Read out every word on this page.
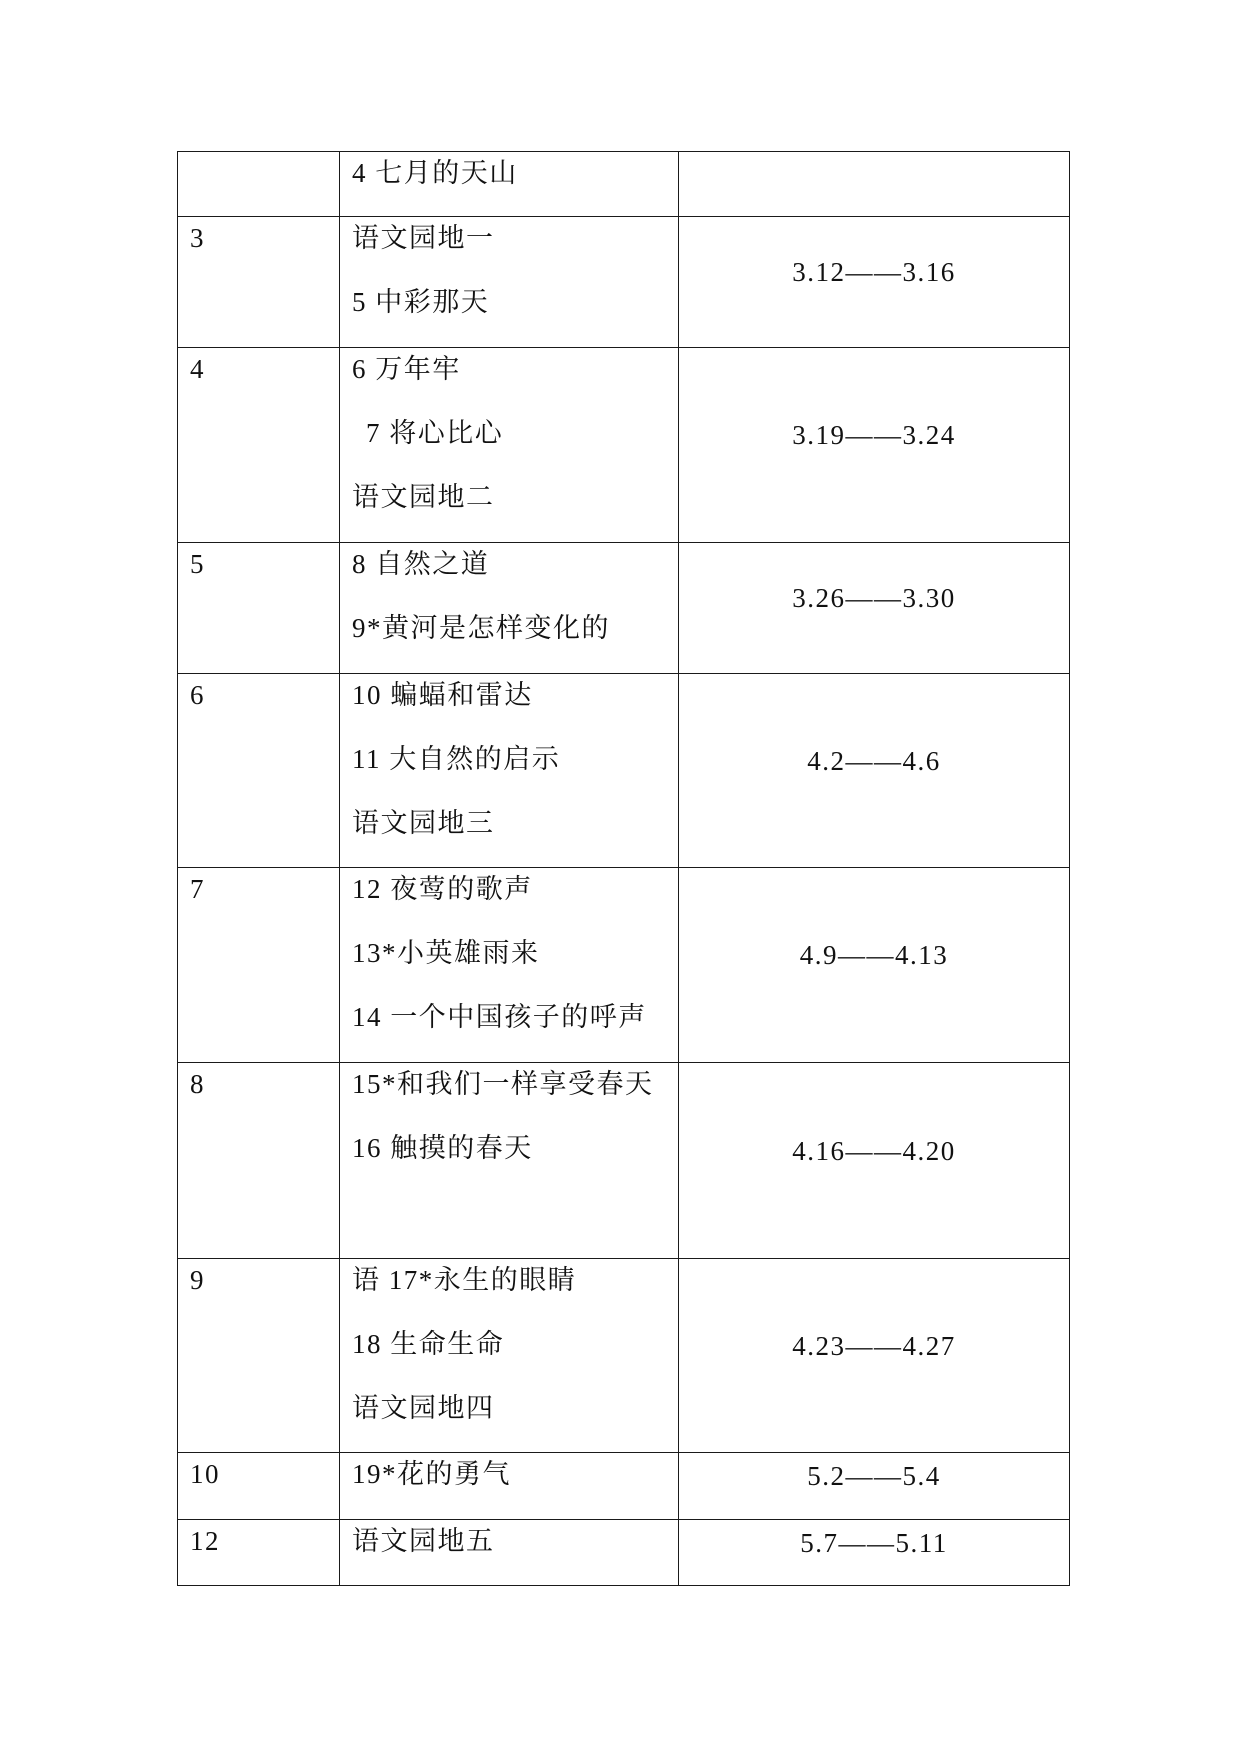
	4 七月的天山	

3	语文园地一
5 中彩那天	3.12——3.16

4	6 万年牢
7 将心比心
语文园地二	3.19——3.24

5	8 自然之道
9*黄河是怎样变化的	3.26——3.30

6	10 蝙蝠和雷达
11 大自然的启示
语文园地三	4.2——4.6

7	12 夜莺的歌声
13*小英雄雨来
14 一个中国孩子的呼声	4.9——4.13

8	15*和我们一样享受春天
16 触摸的春天	4.16——4.20

9	语 17*永生的眼睛
18 生命生命
语文园地四	4.23——4.27

10	19*花的勇气	5.2——5.4

12	语文园地五	5.7——5.11
